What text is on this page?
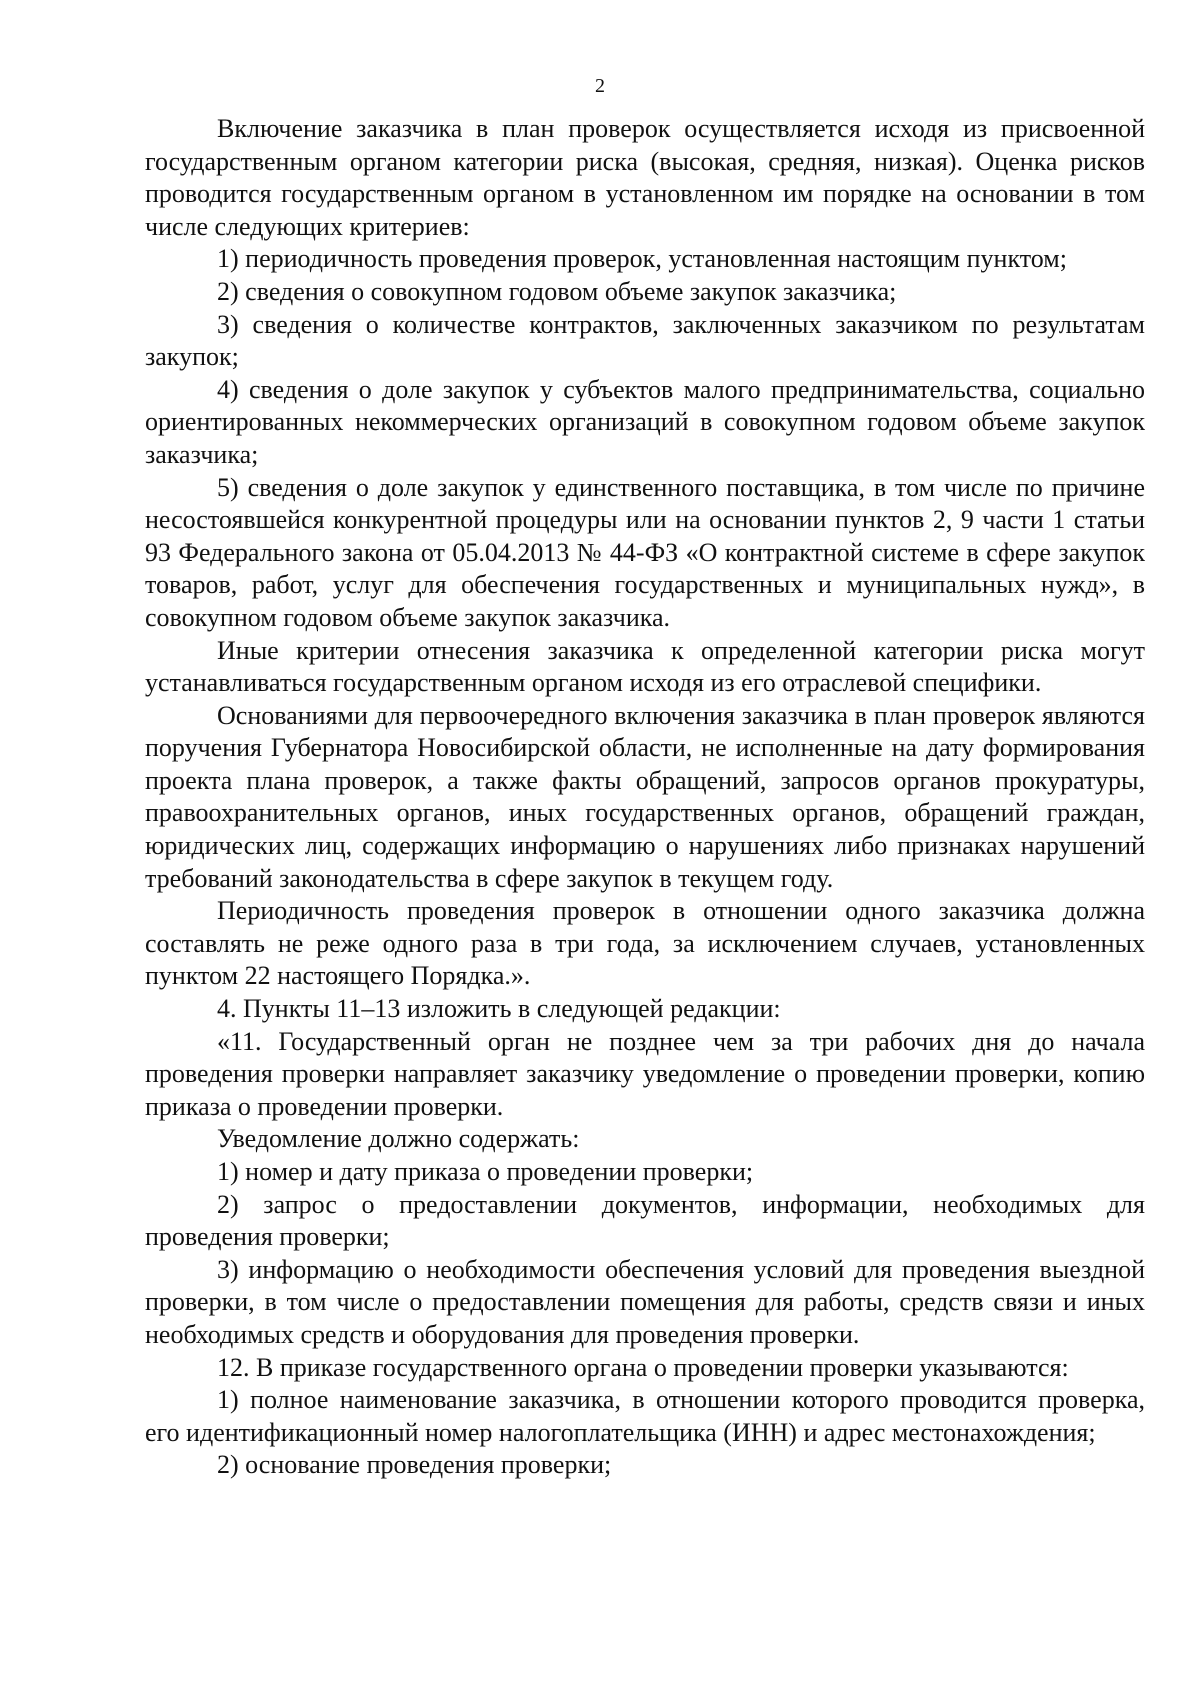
2

Включение заказчика в план проверок осуществляется исходя из присвоенной государственным органом категории риска (высокая, средняя, низкая). Оценка рисков проводится государственным органом в установленном им порядке на основании в том числе следующих критериев:

1) периодичность проведения проверок, установленная настоящим пунктом;

2) сведения о совокупном годовом объеме закупок заказчика;

3) сведения о количестве контрактов, заключенных заказчиком по результатам закупок;

4) сведения о доле закупок у субъектов малого предпринимательства, социально ориентированных некоммерческих организаций в совокупном годовом объеме закупок заказчика;

5) сведения о доле закупок у единственного поставщика, в том числе по причине несостоявшейся конкурентной процедуры или на основании пунктов 2, 9 части 1 статьи 93 Федерального закона от 05.04.2013 № 44-ФЗ «О контрактной системе в сфере закупок товаров, работ, услуг для обеспечения государственных и муниципальных нужд», в совокупном годовом объеме закупок заказчика.

Иные критерии отнесения заказчика к определенной категории риска могут устанавливаться государственным органом исходя из его отраслевой специфики.

Основаниями для первоочередного включения заказчика в план проверок являются поручения Губернатора Новосибирской области, не исполненные на дату формирования проекта плана проверок, а также факты обращений, запросов органов прокуратуры, правоохранительных органов, иных государственных органов, обращений граждан, юридических лиц, содержащих информацию о нарушениях либо признаках нарушений требований законодательства в сфере закупок в текущем году.

Периодичность проведения проверок в отношении одного заказчика должна составлять не реже одного раза в три года, за исключением случаев, установленных пунктом 22 настоящего Порядка.».

4. Пункты 11–13 изложить в следующей редакции:

«11. Государственный орган не позднее чем за три рабочих дня до начала проведения проверки направляет заказчику уведомление о проведении проверки, копию приказа о проведении проверки.

Уведомление должно содержать:

1) номер и дату приказа о проведении проверки;

2) запрос о предоставлении документов, информации, необходимых для проведения проверки;

3) информацию о необходимости обеспечения условий для проведения выездной проверки, в том числе о предоставлении помещения для работы, средств связи и иных необходимых средств и оборудования для проведения проверки.

12. В приказе государственного органа о проведении проверки указываются:

1) полное наименование заказчика, в отношении которого проводится проверка, его идентификационный номер налогоплательщика (ИНН) и адрес местонахождения;

2) основание проведения проверки;
